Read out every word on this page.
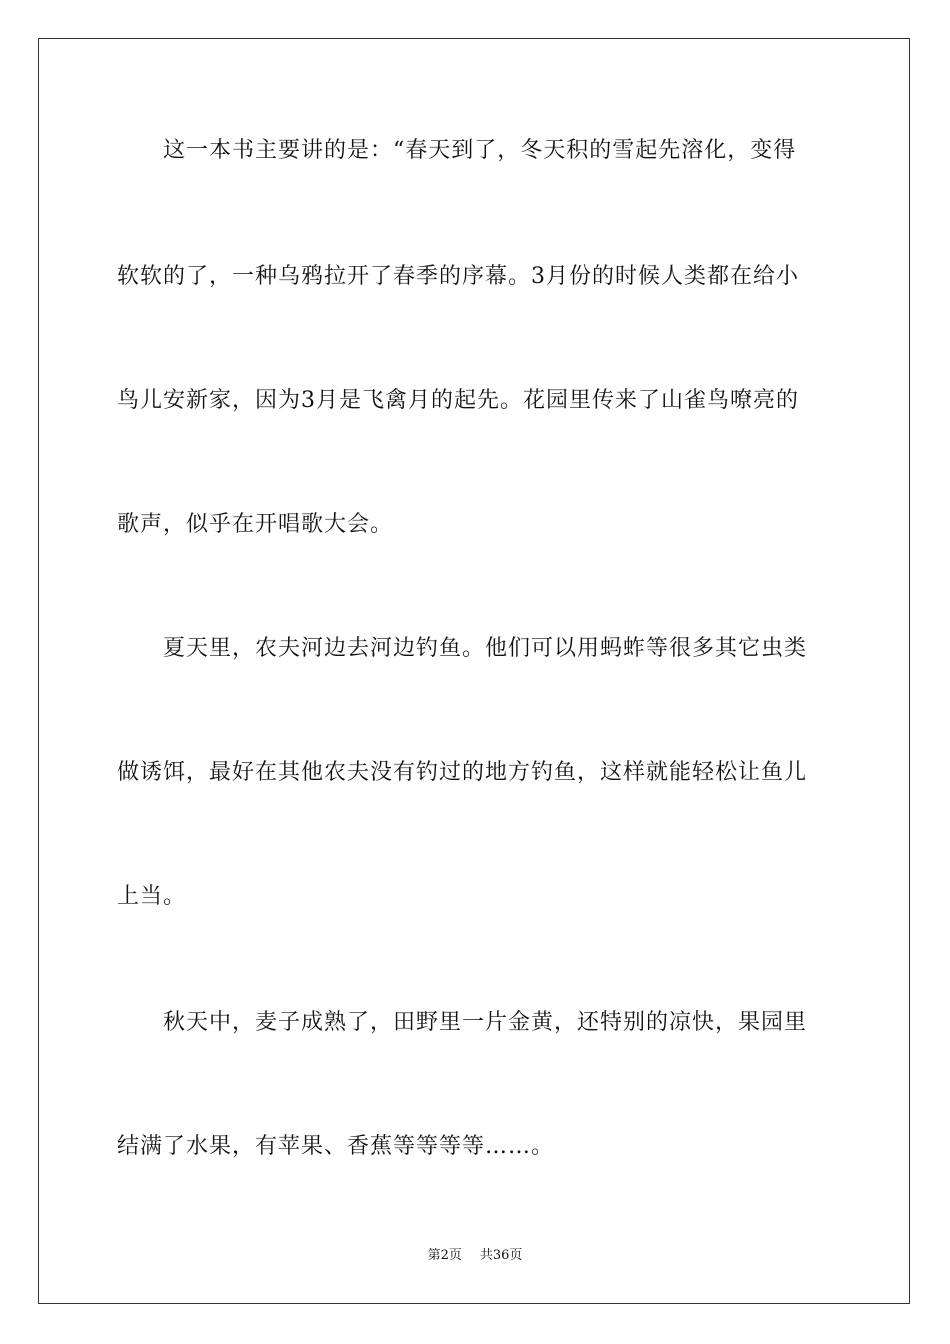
这一本书主要讲的是：“春天到了，冬天积的雪起先溶化，变得
软软的了，一种乌鸦拉开了春季的序幕。3月份的时候人类都在给小
鸟儿安新家，因为3月是飞禽月的起先。花园里传来了山雀鸟嘹亮的
歌声，似乎在开唱歌大会。
夏天里，农夫河边去河边钓鱼。他们可以用蚂蚱等很多其它虫类
做诱饵，最好在其他农夫没有钓过的地方钓鱼，这样就能轻松让鱼儿
上当。
秋天中，麦子成熟了，田野里一片金黄，还特别的凉快，果园里
结满了水果，有苹果、香蕉等等等等……。
第2页 共36页
